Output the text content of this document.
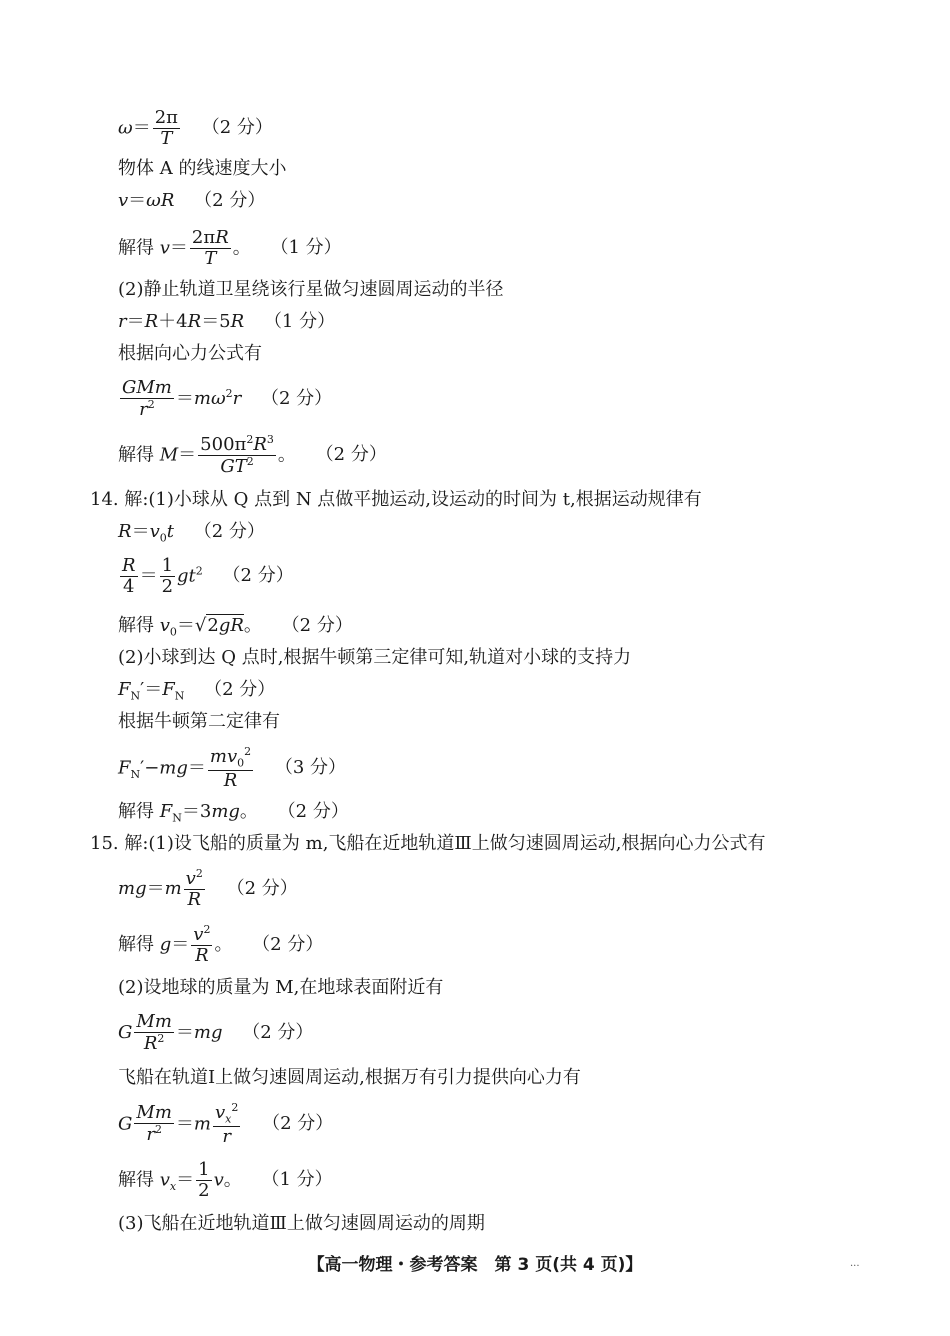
$\omega= \frac{2\pi}{T} (2$ 分）
物体 A 的线速度大小
v＝ωR （2 分）
解得 $v= \frac{2\pi R}{T}$ 。 （1 分）
(2)静止轨道卫星绕该行星做匀速圆周运动的半径
r＝R＋4R＝5R （1 分）
根据向心力公式有
$\frac{\text{GMm}}{r^2} =m\omega^2r$ （2 分）
解得 $M= \frac{500\pi^2R^3}{GT^2}$ 。 （2 分）
14. 解:(1)小球从 Q 点到 N 点做平抛运动,设运动的时间为 t,根据运动规律有
$R=v_0t$ （2 分）
$\frac{R}{4} = \frac{1}{2} gt^2$ （2 分）
解得 $v_0=√2gR$。 （2 分）
(2)小球到达 Q 点时,根据牛顿第三定律可知,轨道对小球的支持力
$F_N'=F_N$ （2 分）
根据牛顿第二定律有
$F_N'-mg= \frac{mv_0^2}{R} (3$ 分）
解得 $F_N=3mg$。 （2 分）
15. 解:(1)设飞船的质量为 m,飞船在近地轨道Ⅲ上做匀速圆周运动,根据向心力公式有
$mg=m \frac{v^2}{R} (2$ 分）
解得 $g= \frac{v^2}{R}$ 。 （2 分）
(2)设地球的质量为 M,在地球表面附近有
G $\frac{Mm}{R^2} =mg$ （2 分）
飞船在轨道Ⅰ上做匀速圆周运动,根据万有引力提供向心力有
G $\frac{Mm}{r^2} =m \frac{v_x^2}{r} (2$ 分）
解得 $v_x= \frac{1}{2}$ v。 （1 分）
(3)飞船在近地轨道Ⅲ上做匀速圆周运动的周期
【高一物理・参考答案　第 3 页(共 4 页)】	...
